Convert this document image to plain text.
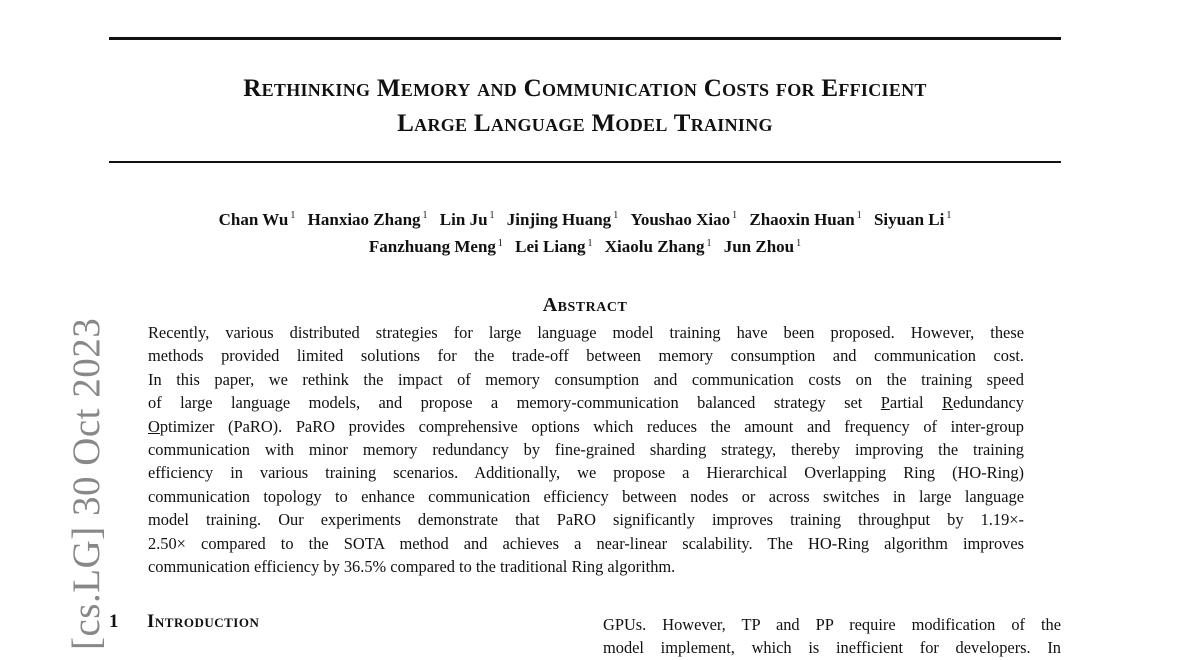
Rethinking Memory and Communication Costs for Efficient
Large Language Model Training
Chan Wu $^1$ Hanxiao Zhang $^1$ Lin Ju $^1$ Jinjing Huang $^1$ Youshao Xiao $^1$ Zhaoxin Huan $^1$ Siyuan Li $^1$
Fanzhuang Meng $^1$ Lei Liang $^1$ Xiaolu Zhang $^1$ Jun Zhou $^1$
Abstract
Recently, various distributed strategies for large language model training have been proposed. However, these
methods provided limited solutions for the trade-off between memory consumption and communication cost.
In this paper, we rethink the impact of memory consumption and communication costs on the training speed
of large language models, and propose a memory-communication balanced strategy set Partial Redundancy
Optimizer (PaRO). PaRO provides comprehensive options which reduces the amount and frequency of inter-group
communication with minor memory redundancy by fine-grained sharding strategy, thereby improving the training
efficiency in various training scenarios. Additionally, we propose a Hierarchical Overlapping Ring (HO-Ring)
communication topology to enhance communication efficiency between nodes or across switches in large language
model training. Our experiments demonstrate that PaRO significantly improves training throughput by 1.19×-
2.50× compared to the SOTA method and achieves a near-linear scalability. The HO-Ring algorithm improves
communication efficiency by 36.5% compared to the traditional Ring algorithm.
[cs.LG] 30 Oct 2023 1 Introduction	GPUs. However, TP and PP require modification of the
model implement, which is inefficient for developers. In
